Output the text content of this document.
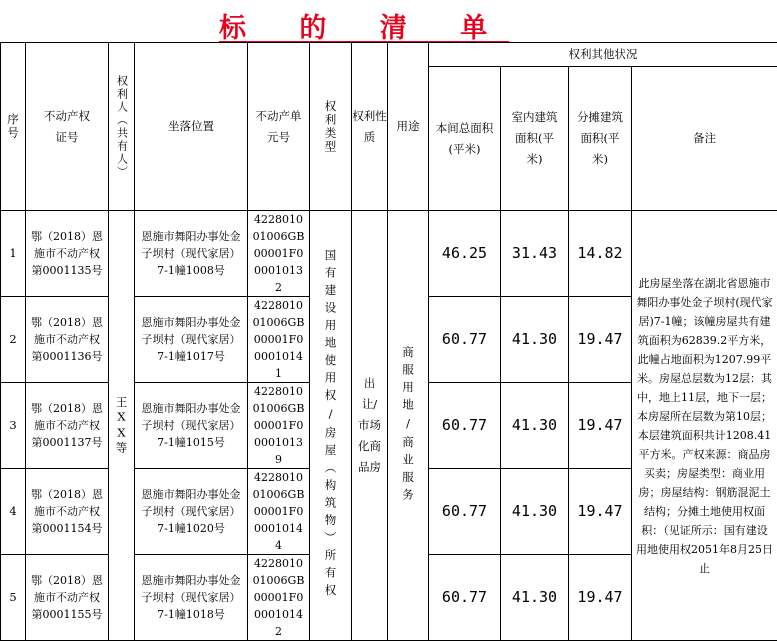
标 的 清 单
序号	不动产权证号	权利人（共有人）	坐落位置	不动产单元号	权利类型	权利性质	用途	权利其他状况			
								本间总面积(平米)	室内建筑面积(平米)	分摊建筑面积(平米)	备注
1	鄂（2018）恩施市不动产权第0001135号	王XX等	恩施市舞阳办事处金子坝村（现代家居）7-1幢1008号	422801001006GB00001F000010132	国有建设用地使用权/房屋（构筑物）所有权	出让/市场化商品房	商服用地/商业服务	46.25	31.43	14.82	此房屋坐落在湖北省恩施市舞阳办事处金子坝村(现代家居)7-1幢；该幢房屋共有建筑面积为62839.2平方米，此幢占地面积为1207.99平米。房屋总层数为12层：其中，地上11层，地下一层；本房屋所在层数为第10层；本层建筑面积共计1208.41平方米。产权来源：商品房买卖；房屋类型：商业用房；房屋结构：钢筋混泥土结构；分摊土地使用权面积：（见证所示：国有建设用地使用权2051年8月25日止
2	鄂（2018）恩施市不动产权第0001136号		恩施市舞阳办事处金子坝村（现代家居）7-1幢1017号	422801001006GB00001F000010141				60.77	41.30	19.47	
3	鄂（2018）恩施市不动产权第0001137号		恩施市舞阳办事处金子坝村（现代家居）7-1幢1015号	422801001006GB00001F000010139				60.77	41.30	19.47	
4	鄂（2018）恩施市不动产权第0001154号		恩施市舞阳办事处金子坝村（现代家居）7-1幢1020号	422801001006GB00001F000010144				60.77	41.30	19.47	
5	鄂（2018）恩施市不动产权第0001155号		恩施市舞阳办事处金子坝村（现代家居）7-1幢1018号	422801001006GB00001F000010142				60.77	41.30	19.47	
